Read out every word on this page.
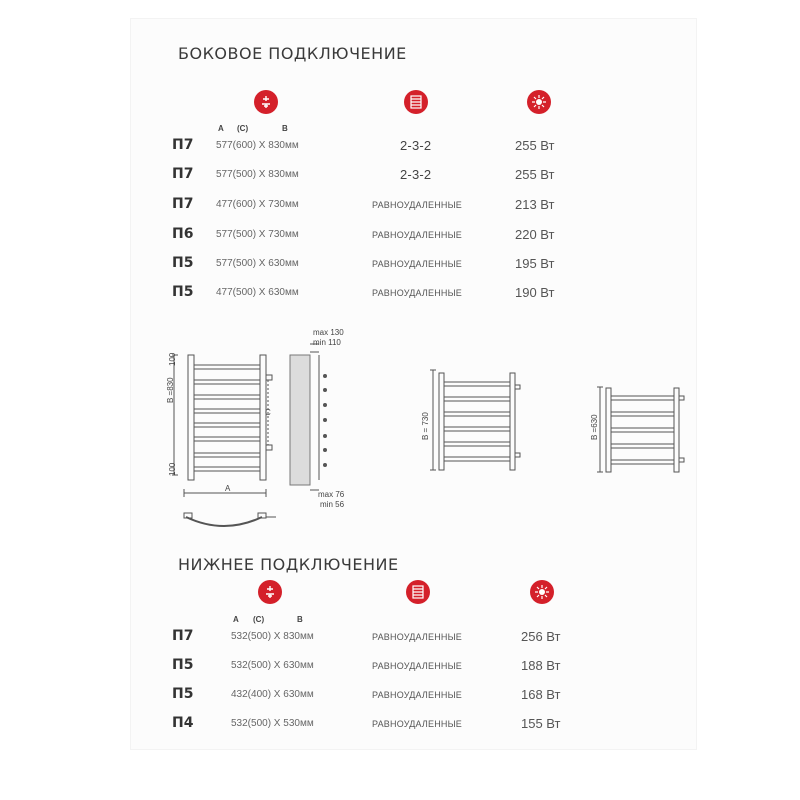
БОКОВОЕ ПОДКЛЮЧЕНИЕ
A (C)	B
П7 577(600) X 830мм	2-3-2	255 Вт
П7 577(500) X 830мм	2-3-2	255 Вт
П7 477(600) X 730мм	РАВНОУДАЛЕННЫЕ	213 Вт
П6 577(500) X 730мм	РАВНОУДАЛЕННЫЕ	220 Вт
П5 577(500) X 630мм	РАВНОУДАЛЕННЫЕ	195 Вт
П5 477(500) X 630мм	РАВНОУДАЛЕННЫЕ	190 Вт
B =830
100
100
C
A
max 130
min 110
max 76
min 56
B = 730	B =630
НИЖНЕЕ ПОДКЛЮЧЕНИЕ
A (C)	B
П7	532(500) X 830мм	РАВНОУДАЛЕННЫЕ	256 Вт
П5	532(500) X 630мм	РАВНОУДАЛЕННЫЕ	188 Вт
П5	432(400) X 630мм	РАВНОУДАЛЕННЫЕ	168 Вт
П4	532(500) X 530мм	РАВНОУДАЛЕННЫЕ	155 Вт
